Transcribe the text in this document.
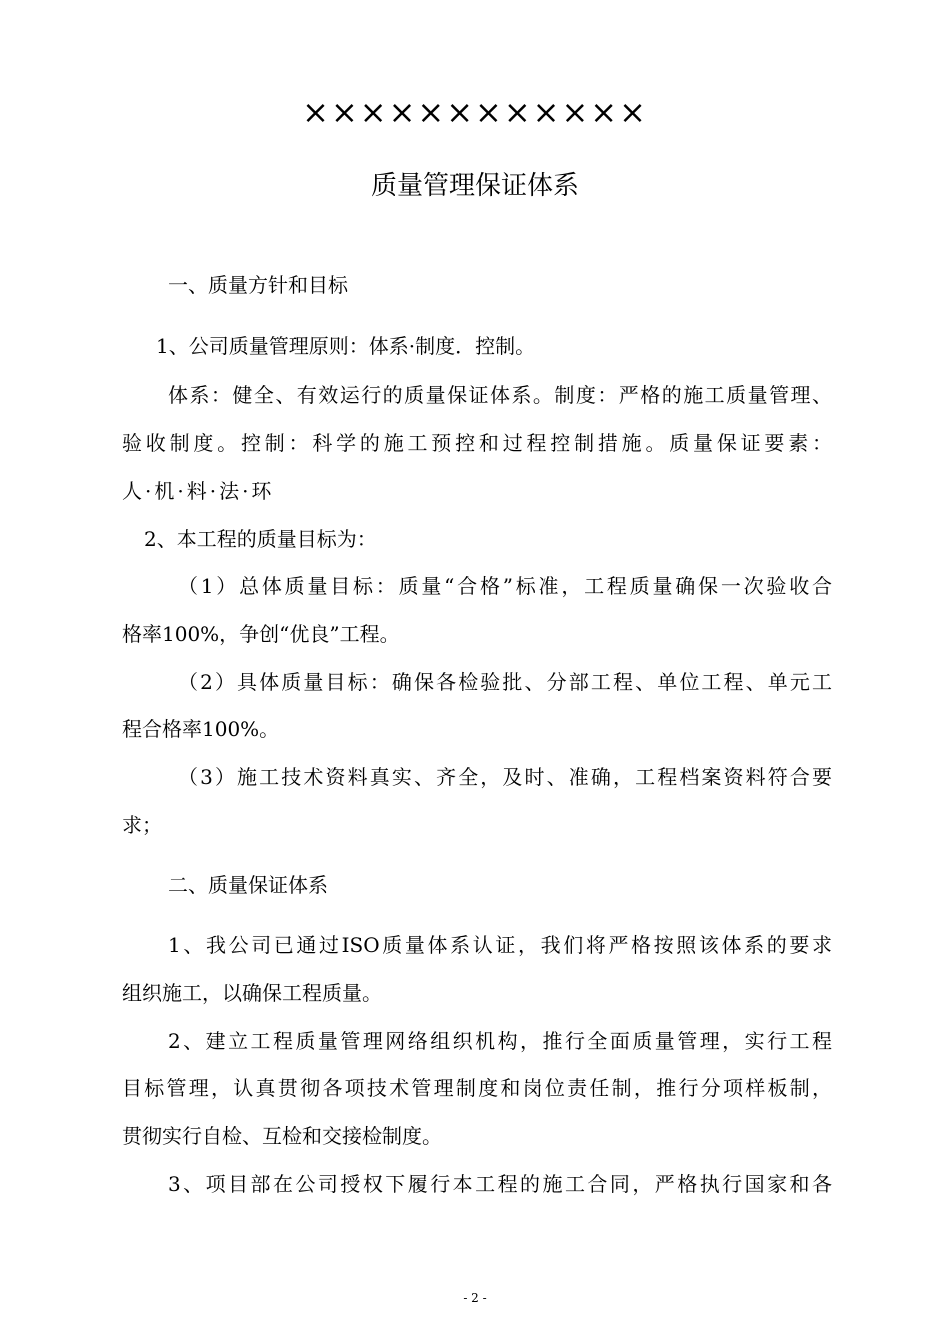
××××××××××××
质量管理保证体系
一、质量方针和目标
1、公司质量管理原则：体系·制度．控制。
体系：健全、有效运行的质量保证体系。制度：严格的施工质量管理、
验收制度。控制：科学的施工预控和过程控制措施。质量保证要素：
人·机·料·法·环
2、本工程的质量目标为：
（1）总体质量目标：质量“合格”标准，工程质量确保一次验收合
格率100%，争创“优良”工程。
（2）具体质量目标：确保各检验批、分部工程、单位工程、单元工
程合格率100%。
（3）施工技术资料真实、齐全，及时、准确，工程档案资料符合要
求；
二、质量保证体系
1、我公司已通过ISO质量体系认证，我们将严格按照该体系的要求
组织施工，以确保工程质量。
2、建立工程质量管理网络组织机构，推行全面质量管理，实行工程
目标管理，认真贯彻各项技术管理制度和岗位责任制，推行分项样板制，
贯彻实行自检、互检和交接检制度。
3、项目部在公司授权下履行本工程的施工合同，严格执行国家和各
- 2 -
